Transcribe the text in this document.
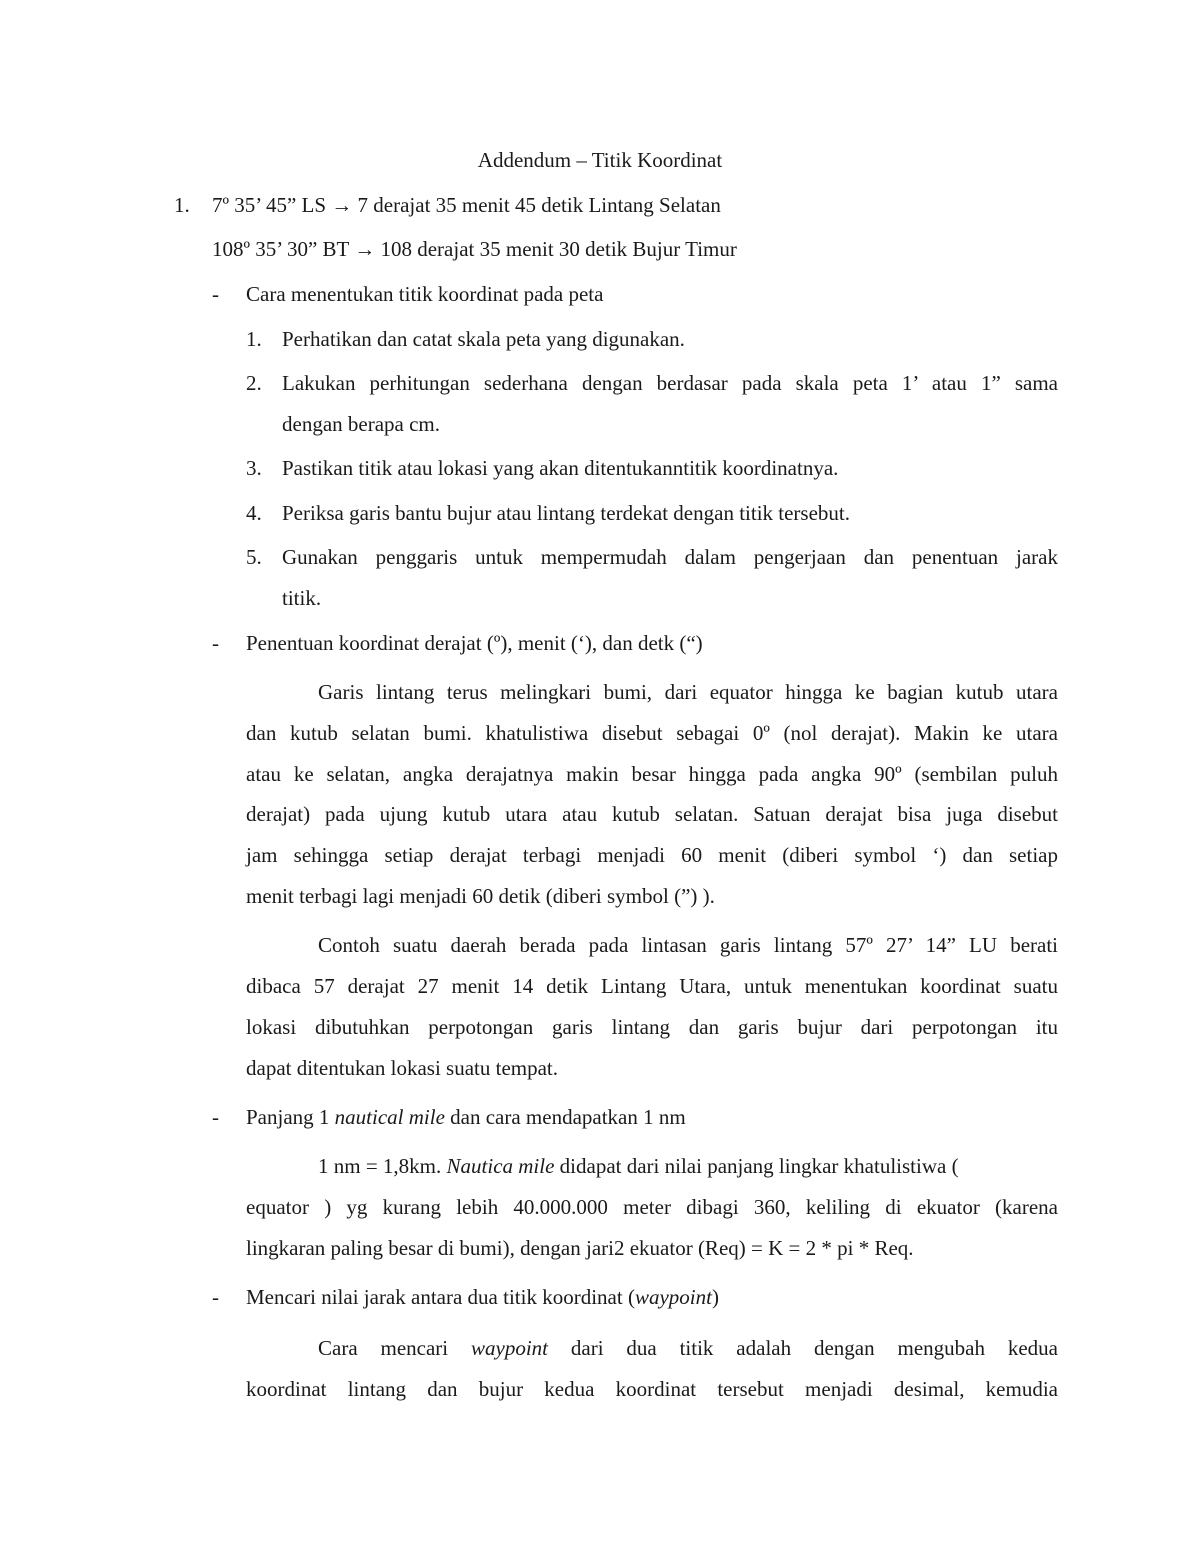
Addendum – Titik Koordinat
1. 7º 35’ 45” LS → 7 derajat 35 menit 45 detik Lintang Selatan
108º 35’ 30” BT → 108 derajat 35 menit 30 detik Bujur Timur
- Cara menentukan titik koordinat pada peta
1. Perhatikan dan catat skala peta yang digunakan.
2. Lakukan perhitungan sederhana dengan berdasar pada skala peta 1’ atau 1” sama
dengan berapa cm.
3. Pastikan titik atau lokasi yang akan ditentukanntitik koordinatnya.
4. Periksa garis bantu bujur atau lintang terdekat dengan titik tersebut.
5. Gunakan penggaris untuk mempermudah dalam pengerjaan dan penentuan jarak
titik.
- Penentuan koordinat derajat (º), menit (‘), dan detk (“)
Garis lintang terus melingkari bumi, dari equator hingga ke bagian kutub utara
dan kutub selatan bumi. khatulistiwa disebut sebagai 0º (nol derajat). Makin ke utara
atau ke selatan, angka derajatnya makin besar hingga pada angka 90º (sembilan puluh
derajat) pada ujung kutub utara atau kutub selatan. Satuan derajat bisa juga disebut
jam sehingga setiap derajat terbagi menjadi 60 menit (diberi symbol ‘) dan setiap
menit terbagi lagi menjadi 60 detik (diberi symbol (”) ).
Contoh suatu daerah berada pada lintasan garis lintang 57º 27’ 14” LU berati
dibaca 57 derajat 27 menit 14 detik Lintang Utara, untuk menentukan koordinat suatu
lokasi dibutuhkan perpotongan garis lintang dan garis bujur dari perpotongan itu
dapat ditentukan lokasi suatu tempat.
- Panjang 1 nautical mile dan cara mendapatkan 1 nm
1 nm = 1,8km. Nautica mile didapat dari nilai panjang lingkar khatulistiwa (
equator ) yg kurang lebih 40.000.000 meter dibagi 360, keliling di ekuator (karena
lingkaran paling besar di bumi), dengan jari2 ekuator (Req) = K = 2 * pi * Req.
- Mencari nilai jarak antara dua titik koordinat (waypoint)
Cara mencari waypoint dari dua titik adalah dengan mengubah kedua
koordinat lintang dan bujur kedua koordinat tersebut menjadi desimal, kemudia
